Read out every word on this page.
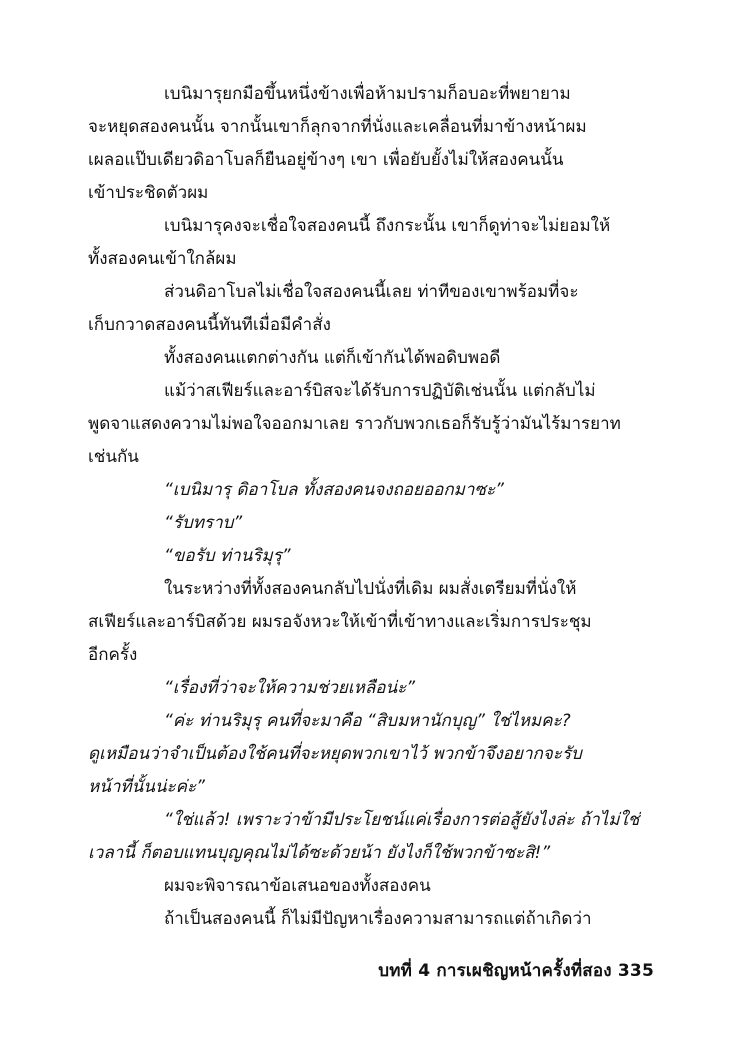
เบนิมารุยกมือขึ้นหนึ่งข้างเพื่อห้ามปรามก็อบอะที่พยายาม
จะหยุดสองคนนั้น จากนั้นเขาก็ลุกจากที่นั่งและเคลื่อนที่มาข้างหน้าผม
เผลอแป๊บเดียวดิอาโบลก็ยืนอยู่ข้างๆ เขา เพื่อยับยั้งไม่ให้สองคนนั้น
เข้าประชิดตัวผม
เบนิมารุคงจะเชื่อใจสองคนนี้ ถึงกระนั้น เขาก็ดูท่าจะไม่ยอมให้
ทั้งสองคนเข้าใกล้ผม
ส่วนดิอาโบลไม่เชื่อใจสองคนนี้เลย ท่าทีของเขาพร้อมที่จะ
เก็บกวาดสองคนนี้ทันทีเมื่อมีคำสั่ง
ทั้งสองคนแตกต่างกัน แต่ก็เข้ากันได้พอดิบพอดี
แม้ว่าสเฟียร์และอาร์บิสจะได้รับการปฏิบัติเช่นนั้น แต่กลับไม่
พูดจาแสดงความไม่พอใจออกมาเลย ราวกับพวกเธอก็รับรู้ว่ามันไร้มารยาท
เช่นกัน
“เบนิมารุ ดิอาโบล ทั้งสองคนจงถอยออกมาซะ”
“รับทราบ”
“ขอรับ ท่านริมุรุ”
ในระหว่างที่ทั้งสองคนกลับไปนั่งที่เดิม ผมสั่งเตรียมที่นั่งให้
สเฟียร์และอาร์บิสด้วย ผมรอจังหวะให้เข้าที่เข้าทางและเริ่มการประชุม
อีกครั้ง
“เรื่องที่ว่าจะให้ความช่วยเหลือน่ะ”
“ค่ะ ท่านริมุรุ คนที่จะมาคือ “สิบมหานักบุญ” ใช่ไหมคะ?
ดูเหมือนว่าจำเป็นต้องใช้คนที่จะหยุดพวกเขาไว้ พวกข้าจึงอยากจะรับ
หน้าที่นั้นน่ะค่ะ”
“ใช่แล้ว! เพราะว่าข้ามีประโยชน์แค่เรื่องการต่อสู้ยังไงล่ะ ถ้าไม่ใช่
เวลานี้ ก็ตอบแทนบุญคุณไม่ได้ซะด้วยน้า ยังไงก็ใช้พวกข้าซะสิ!”
ผมจะพิจารณาข้อเสนอของทั้งสองคน
ถ้าเป็นสองคนนี้ ก็ไม่มีปัญหาเรื่องความสามารถแต่ถ้าเกิดว่า
บทที่ 4 การเผชิญหน้าครั้งที่สอง 335
